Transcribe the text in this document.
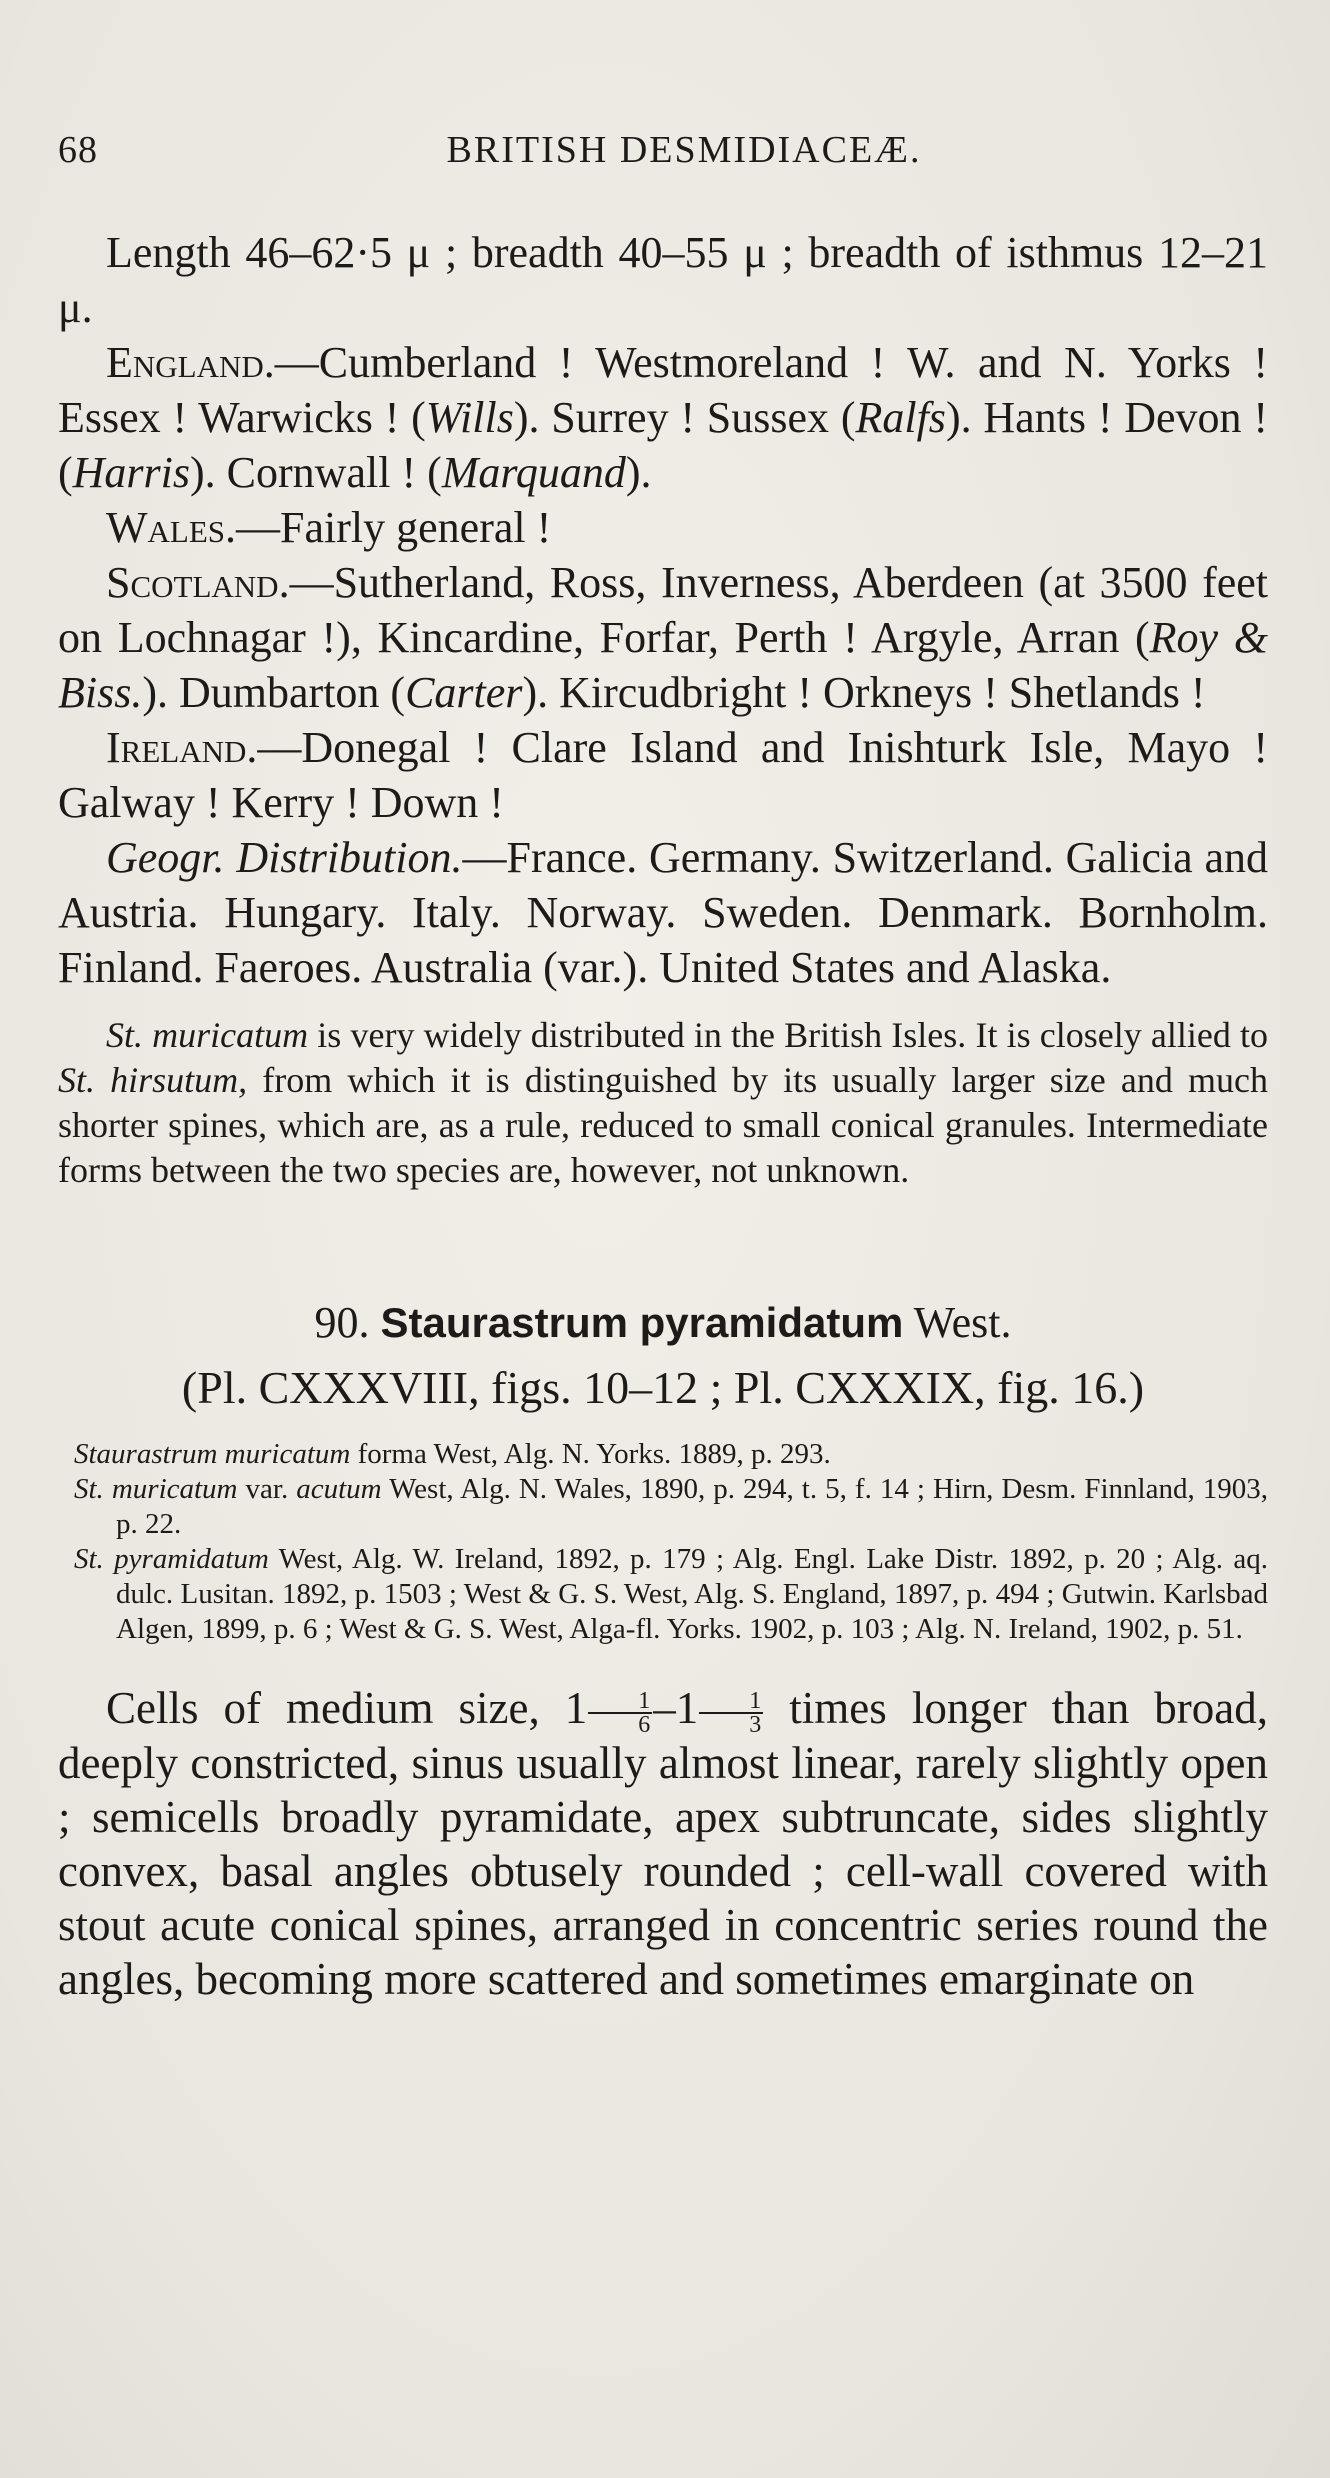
68	BRITISH DESMIDIACEÆ.

Length 46–62·5 μ ; breadth 40–55 μ ; breadth of isthmus 12–21 μ.

England.—Cumberland ! Westmoreland ! W. and N. Yorks ! Essex ! Warwicks ! (Wills). Surrey ! Sussex (Ralfs). Hants ! Devon ! (Harris). Cornwall ! (Marquand).

Wales.—Fairly general !

Scotland.—Sutherland, Ross, Inverness, Aberdeen (at 3500 feet on Lochnagar !), Kincardine, Forfar, Perth ! Argyle, Arran (Roy & Biss.). Dumbarton (Carter). Kircudbright ! Orkneys ! Shetlands !

Ireland.—Donegal ! Clare Island and Inishturk Isle, Mayo ! Galway ! Kerry ! Down !

Geogr. Distribution.—France. Germany. Switzerland. Galicia and Austria. Hungary. Italy. Norway. Sweden. Denmark. Bornholm. Finland. Faeroes. Australia (var.). United States and Alaska.

St. muricatum is very widely distributed in the British Isles. It is closely allied to St. hirsutum, from which it is distinguished by its usually larger size and much shorter spines, which are, as a rule, reduced to small conical granules. Intermediate forms between the two species are, however, not unknown.

90. Staurastrum pyramidatum West.
(Pl. CXXXVIII, figs. 10–12 ; Pl. CXXXIX, fig. 16.)

Staurastrum muricatum forma West, Alg. N. Yorks. 1889, p. 293.

St. muricatum var. acutum West, Alg. N. Wales, 1890, p. 294, t. 5, f. 14 ; Hirn, Desm. Finnland, 1903, p. 22.

St. pyramidatum West, Alg. W. Ireland, 1892, p. 179 ; Alg. Engl. Lake Distr. 1892, p. 20 ; Alg. aq. dulc. Lusitan. 1892, p. 1503 ; West & G. S. West, Alg. S. England, 1897, p. 494 ; Gutwin. Karlsbad Algen, 1899, p. 6 ; West & G. S. West, Alga-fl. Yorks. 1902, p. 103 ; Alg. N. Ireland, 1902, p. 51.

Cells of medium size, $1 \frac{1}{6} -1 \frac{1}{3}$ times longer than broad, deeply constricted, sinus usually almost linear, rarely slightly open ; semicells broadly pyramidate, apex subtruncate, sides slightly convex, basal angles obtusely rounded ; cell-wall covered with stout acute conical spines, arranged in concentric series round the angles, becoming more scattered and sometimes emarginate on
